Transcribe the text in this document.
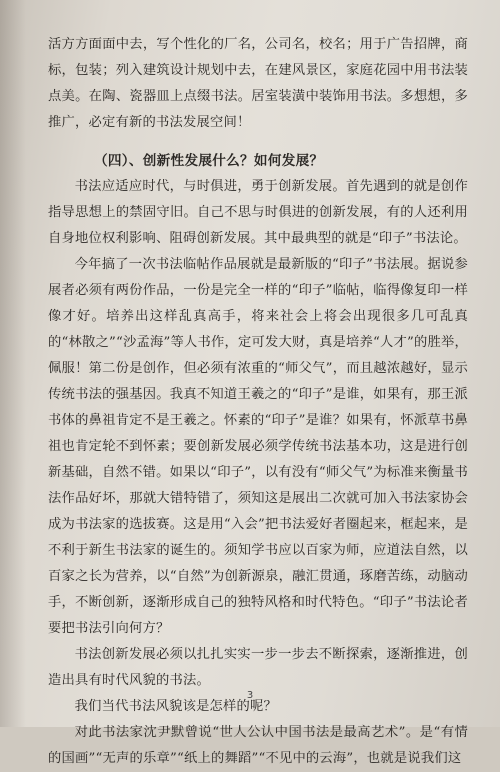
活方方面面中去，写个性化的厂名，公司名，校名；用于广告招牌，商标，包装；列入建筑设计规划中去，在建风景区，家庭花园中用书法装点美。在陶、瓷器皿上点缀书法。居室装潢中装饰用书法。多想想，多推广，必定有新的书法发展空间！

（四）、创新性发展什么？如何发展？

书法应适应时代，与时俱进，勇于创新发展。首先遇到的就是创作指导思想上的禁固守旧。自己不思与时俱进的创新发展，有的人还利用自身地位权利影响、阻碍创新发展。其中最典型的就是“印子”书法论。

今年搞了一次书法临帖作品展就是最新版的“印子”书法展。据说参展者必须有两份作品，一份是完全一样的“印子”临帖，临得像复印一样像才好。培养出这样乱真高手，将来社会上将会出现很多几可乱真的“林散之”“沙孟海”等人书作，定可发大财，真是培养“人才”的胜举，佩服！第二份是创作，但必须有浓重的“师父气”，而且越浓越好，显示传统书法的强基因。我真不知道王羲之的“印子”是谁，如果有，那王派书体的鼻祖肯定不是王羲之。怀素的“印子”是谁？如果有，怀派草书鼻祖也肯定轮不到怀素；要创新发展必须学传统书法基本功，这是进行创新基础，自然不错。如果以“印子”，以有没有“师父气”为标准来衡量书法作品好坏，那就大错特错了，须知这是展出二次就可加入书法家协会成为书法家的选拔赛。这是用“入会”把书法爱好者圈起来，框起来，是不利于新生书法家的诞生的。须知学书应以百家为师，应道法自然，以百家之长为营养，以“自然”为创新源泉，融汇贯通，琢磨苦练，动脑动手，不断创新，逐渐形成自己的独特风格和时代特色。“印子”书法论者要把书法引向何方？

书法创新发展必须以扎扎实实一步一步去不断探索，逐渐推进，创造出具有时代风貌的书法。

我们当代书法风貌该是怎样的呢？

对此书法家沈尹默曾说“世人公认中国书法是最高艺术”。是“有情的国画”“无声的乐章”“纸上的舞蹈”“不见中的云海”，也就是说我们这

3
